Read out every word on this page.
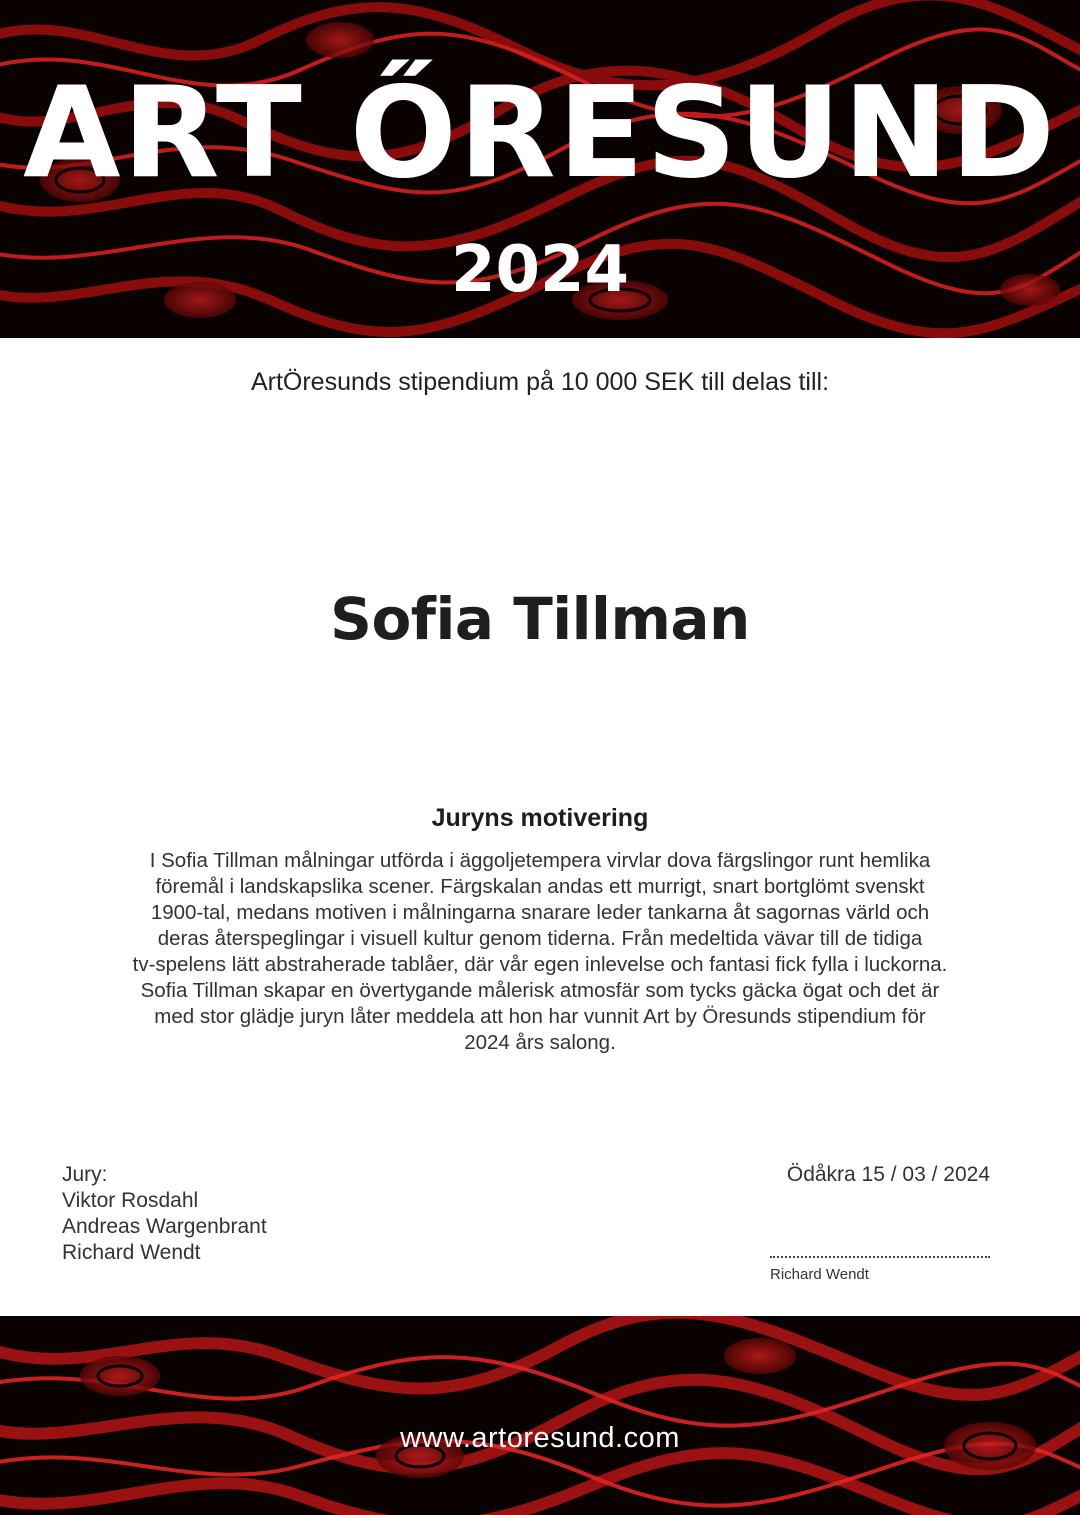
ART ŐRESUND
2024
ArtÖresunds stipendium på 10 000 SEK till delas till:
Sofia Tillman
Juryns motivering
I Sofia Tillman målningar utförda i äggoljetempera virvlar dova färgslingor runt hemlika
föremål i landskapslika scener. Färgskalan andas ett murrigt, snart bortglömt svenskt
1900-tal, medans motiven i målningarna snarare leder tankarna åt sagornas värld och
deras återspeglingar i visuell kultur genom tiderna. Från medeltida vävar till de tidiga
tv-spelens lätt abstraherade tablåer, där vår egen inlevelse och fantasi fick fylla i luckorna.
Sofia Tillman skapar en övertygande målerisk atmosfär som tycks gäcka ögat och det är
med stor glädje juryn låter meddela att hon har vunnit Art by Öresunds stipendium för
2024 års salong.
Jury:
Viktor Rosdahl
Andreas Wargenbrant
Richard Wendt
Ödåkra 15 / 03 / 2024
Richard Wendt
www.artoresund.com
